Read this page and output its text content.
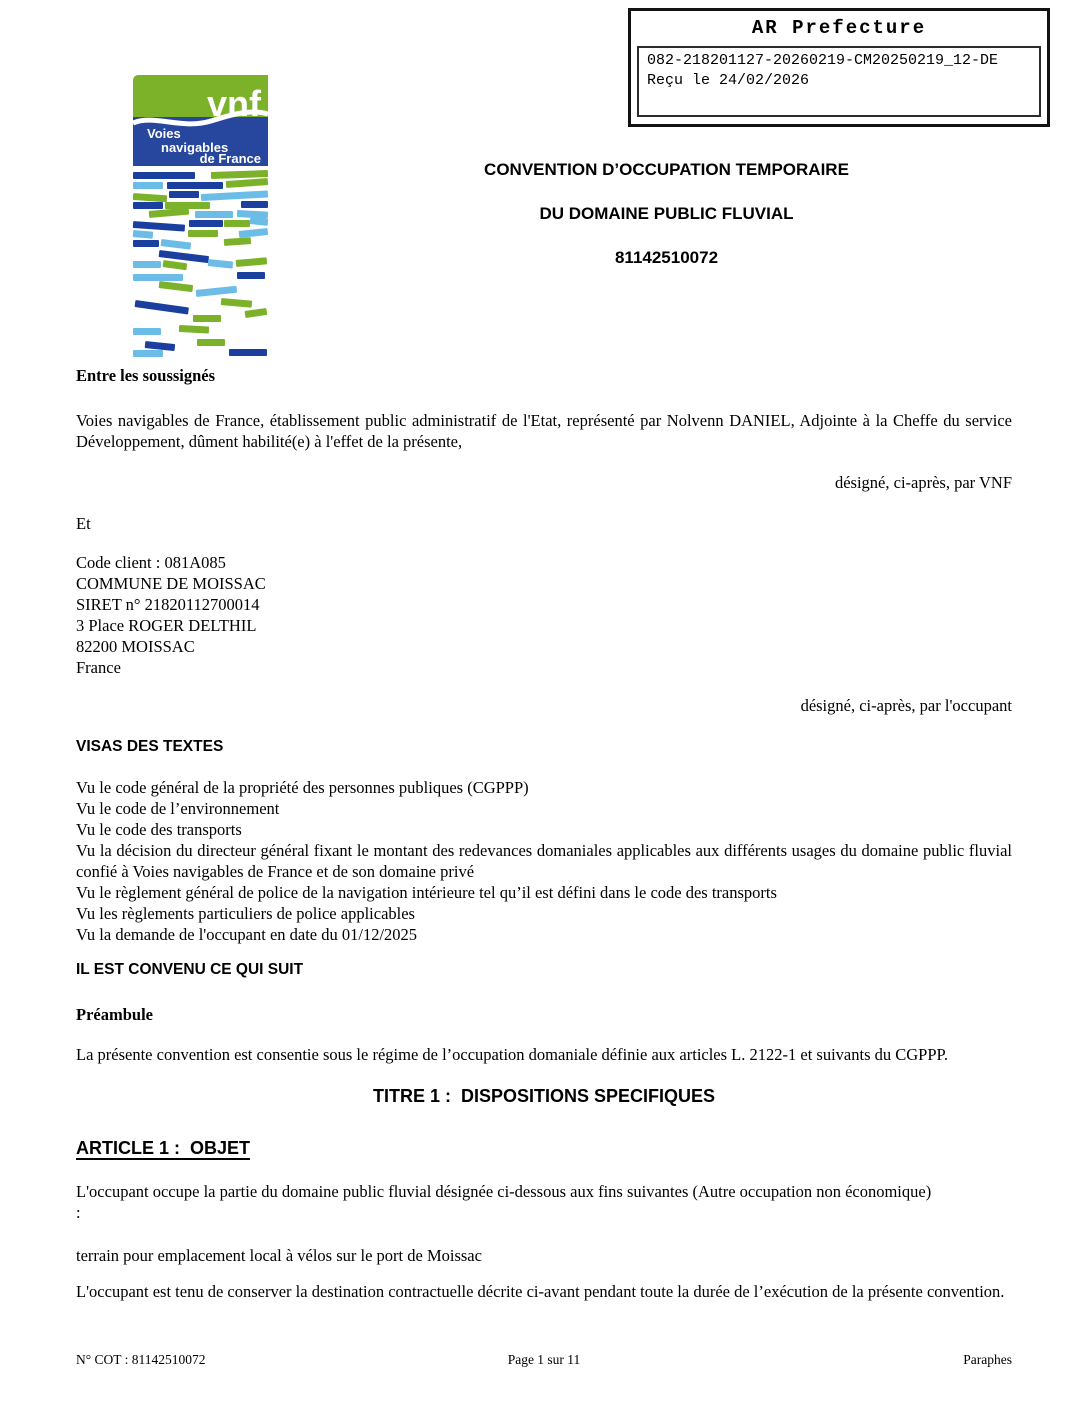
AR Prefecture
082-218201127-20260219-CM20250219_12-DE
Reçu le 24/02/2026
vnf
Voies
navigables
de France
CONVENTION D’OCCUPATION TEMPORAIRE
DU DOMAINE PUBLIC FLUVIAL
81142510072
Entre les soussignés
Voies navigables de France, établissement public administratif de l'Etat, représenté par Nolvenn DANIEL, Adjointe à la Cheffe du service Développement, dûment habilité(e) à l'effet de la présente,
désigné, ci-après, par VNF
Et
Code client : 081A085
COMMUNE DE MOISSAC
SIRET n° 21820112700014
3 Place ROGER DELTHIL
82200 MOISSAC
France
désigné, ci-après, par l'occupant
VISAS DES TEXTES
Vu le code général de la propriété des personnes publiques (CGPPP)
Vu le code de l’environnement
Vu le code des transports
Vu la décision du directeur général fixant le montant des redevances domaniales applicables aux différents usages du domaine public fluvial confié à Voies navigables de France et de son domaine privé
Vu le règlement général de police de la navigation intérieure tel qu’il est défini dans le code des transports
Vu les règlements particuliers de police applicables
Vu la demande de l'occupant en date du 01/12/2025
IL EST CONVENU CE QUI SUIT
Préambule
La présente convention est consentie sous le régime de l’occupation domaniale définie aux articles L. 2122-1 et suivants du CGPPP.
TITRE 1 :  DISPOSITIONS SPECIFIQUES
ARTICLE 1 :  OBJET
L'occupant occupe la partie du domaine public fluvial désignée ci-dessous aux fins suivantes (Autre occupation non économique)
:
terrain pour emplacement local à vélos sur le port de Moissac
L'occupant est tenu de conserver la destination contractuelle décrite ci-avant pendant toute la durée de l’exécution de la présente convention.
N° COT : 81142510072	Page 1 sur 11	Paraphes
